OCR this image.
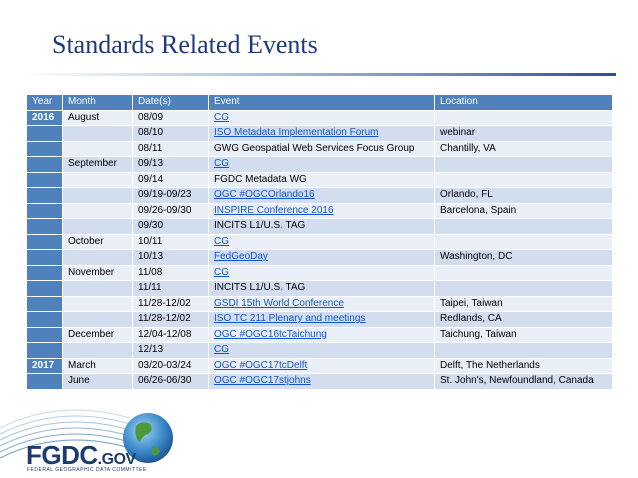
Standards Related Events
Year	Month	Date(s)	Event	Location
2016	August	08/09	CG	
		08/10	ISO Metadata Implementation Forum	webinar
		08/11	GWG Geospatial Web Services Focus Group	Chantilly, VA
	September	09/13	CG	
		09/14	FGDC Metadata WG	
		09/19-09/23	OGC #OGCOrlando16	Orlando, FL
		09/26-09/30	INSPIRE Conference 2016	Barcelona, Spain
		09/30	INCITS L1/U.S. TAG	
	October	10/11	CG	
		10/13	FedGeoDay	Washington, DC
	November	11/08	CG	
		11/11	INCITS L1/U.S. TAG	
		11/28-12/02	GSDI 15th World Conference	Taipei, Taiwan
		11/28-12/02	ISO TC 211 Plenary and meetings	Redlands, CA
	December	12/04-12/08	OGC #OGC16tcTaichung	Taichung, Taiwan
		12/13	CG	
2017	March	03/20-03/24	OGC #OGC17tcDelft	Delft, The Netherlands
	June	06/26-06/30	OGC #OGC17stjohns	St. John's, Newfoundland, Canada
FGDC.GOV
FEDERAL GEOGRAPHIC DATA COMMITTEE
